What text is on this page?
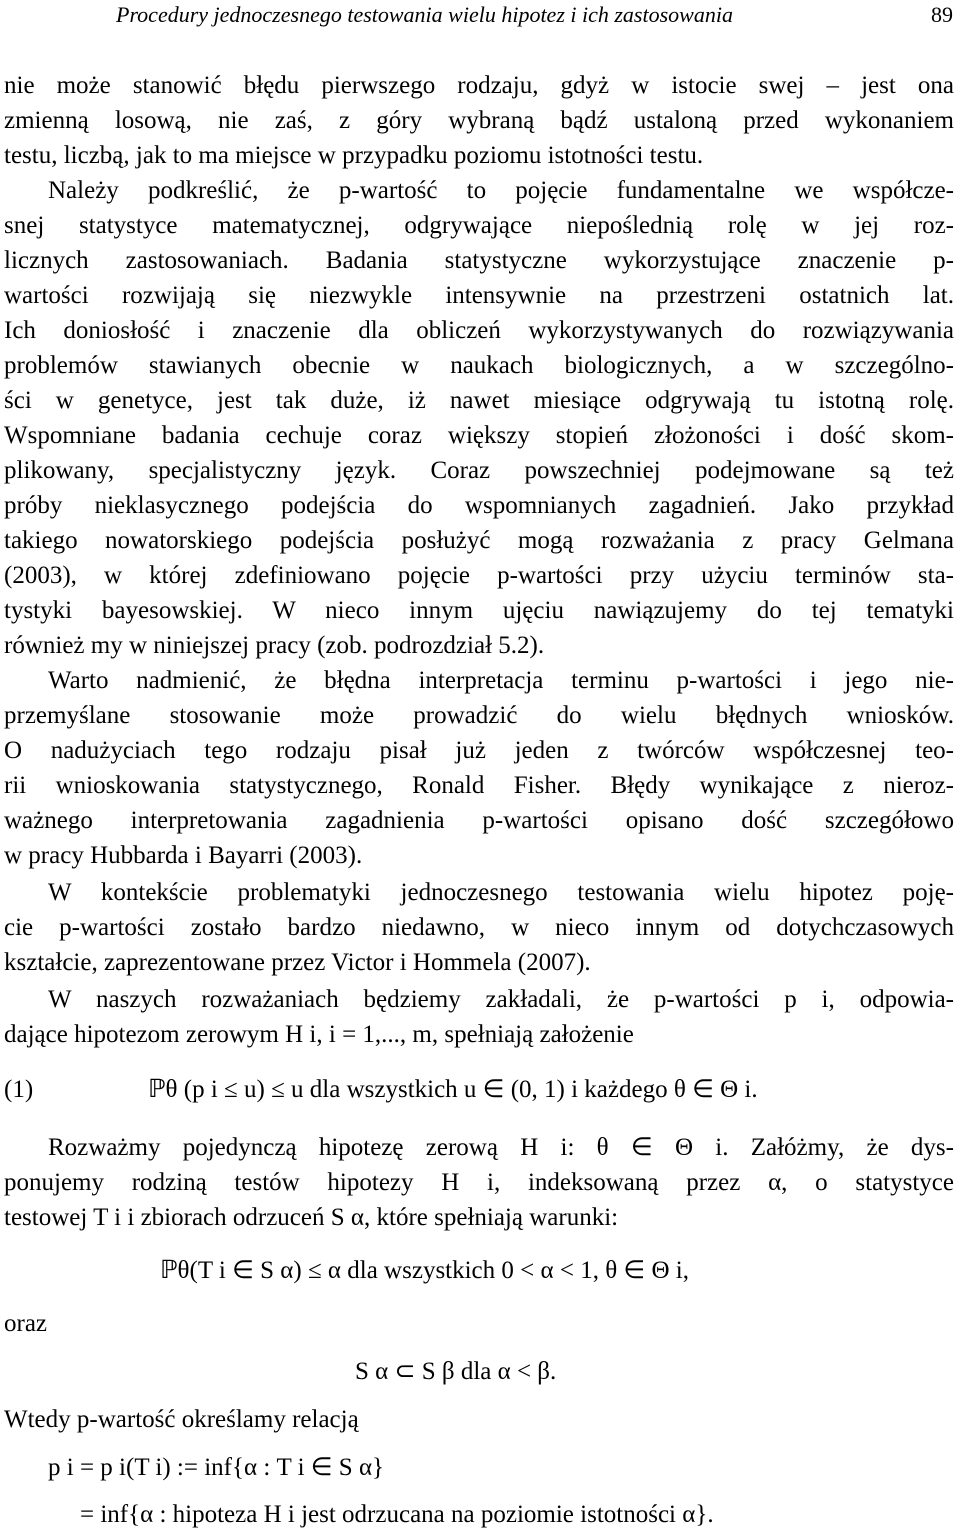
Procedury jednoczesnego testowania wielu hipotez i ich zastosowania	89
nie może stanowić błędu pierwszego rodzaju, gdyż w istocie swej – jest ona
zmienną losową, nie zaś, z góry wybraną bądź ustaloną przed wykonaniem
testu, liczbą, jak to ma miejsce w przypadku poziomu istotności testu.
Należy podkreślić, że p-wartość to pojęcie fundamentalne we współcze-
snej statystyce matematycznej, odgrywające niepoślednią rolę w jej roz-
licznych zastosowaniach. Badania statystyczne wykorzystujące znaczenie p-
wartości rozwijają się niezwykle intensywnie na przestrzeni ostatnich lat.
Ich doniosłość i znaczenie dla obliczeń wykorzystywanych do rozwiązywania
problemów stawianych obecnie w naukach biologicznych, a w szczególno-
ści w genetyce, jest tak duże, iż nawet miesiące odgrywają tu istotną rolę.
Wspomniane badania cechuje coraz większy stopień złożoności i dość skom-
plikowany, specjalistyczny język. Coraz powszechniej podejmowane są też
próby nieklasycznego podejścia do wspomnianych zagadnień. Jako przykład
takiego nowatorskiego podejścia posłużyć mogą rozważania z pracy Gelmana
(2003), w której zdefiniowano pojęcie p-wartości przy użyciu terminów sta-
tystyki bayesowskiej. W nieco innym ujęciu nawiązujemy do tej tematyki
również my w niniejszej pracy (zob. podrozdział 5.2).
Warto nadmienić, że błędna interpretacja terminu p-wartości i jego nie-
przemyślane stosowanie może prowadzić do wielu błędnych wniosków.
O nadużyciach tego rodzaju pisał już jeden z twórców współczesnej teo-
rii wnioskowania statystycznego, Ronald Fisher. Błędy wynikające z nieroz-
ważnego interpretowania zagadnienia p-wartości opisano dość szczegółowo
w pracy Hubbarda i Bayarri (2003).
W kontekście problematyki jednoczesnego testowania wielu hipotez poję-
cie p-wartości zostało bardzo niedawno, w nieco innym od dotychczasowych
kształcie, zaprezentowane przez Victor i Hommela (2007).
W naszych rozważaniach będziemy zakładali, że p-wartości p i, odpowia-
dające hipotezom zerowym H i, i = 1,..., m, spełniają założenie
(1)	ℙθ (p i ≤ u) ≤ u dla wszystkich u ∈ (0, 1) i każdego θ ∈ Θ i.
Rozważmy pojedynczą hipotezę zerową H i: θ ∈ Θ i. Załóżmy, że dys-
ponujemy rodziną testów hipotezy H i, indeksowaną przez α, o statystyce
testowej T i i zbiorach odrzuceń S α, które spełniają warunki:
ℙθ(T i ∈ S α) ≤ α dla wszystkich 0 < α < 1, θ ∈ Θ i,
oraz
S α ⊂ S β dla α < β.
Wtedy p-wartość określamy relacją
p i = p i(T i) := inf{α : T i ∈ S α}
= inf{α : hipoteza H i jest odrzucana na poziomie istotności α}.
